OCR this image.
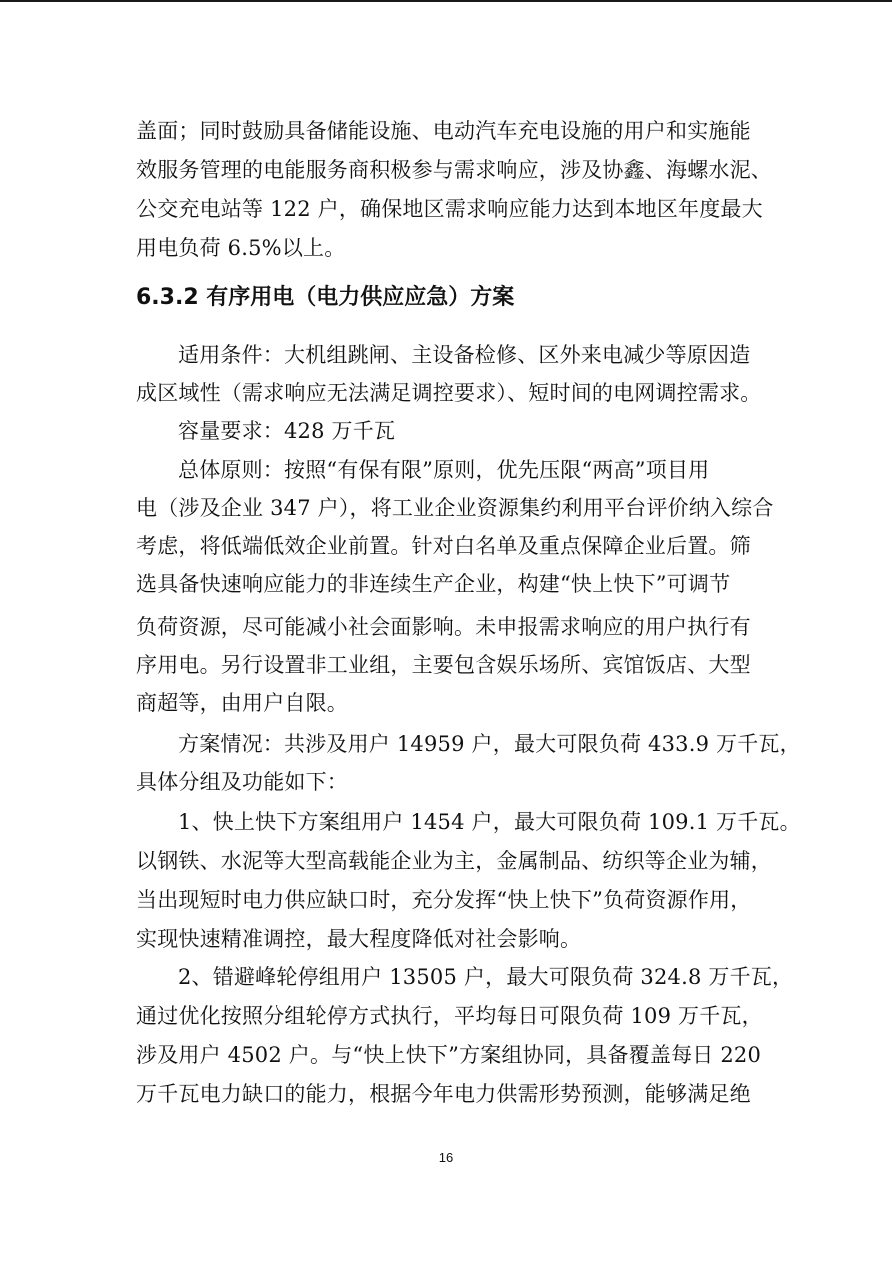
盖面；同时鼓励具备储能设施、电动汽车充电设施的用户和实施能
效服务管理的电能服务商积极参与需求响应，涉及协鑫、海螺水泥、
公交充电站等 122 户，确保地区需求响应能力达到本地区年度最大
用电负荷 6.5%以上。
6.3.2 有序用电（电力供应应急）方案
适用条件：大机组跳闸、主设备检修、区外来电减少等原因造
成区域性（需求响应无法满足调控要求）、短时间的电网调控需求。
容量要求：428 万千瓦
总体原则：按照“有保有限”原则，优先压限“两高”项目用
电（涉及企业 347 户），将工业企业资源集约利用平台评价纳入综合
考虑，将低端低效企业前置。针对白名单及重点保障企业后置。筛
选具备快速响应能力的非连续生产企业，构建“快上快下”可调节
负荷资源，尽可能减小社会面影响。未申报需求响应的用户执行有
序用电。另行设置非工业组，主要包含娱乐场所、宾馆饭店、大型
商超等，由用户自限。
方案情况：共涉及用户 14959 户，最大可限负荷 433.9 万千瓦，
具体分组及功能如下：
1、快上快下方案组用户 1454 户，最大可限负荷 109.1 万千瓦。
以钢铁、水泥等大型高载能企业为主，金属制品、纺织等企业为辅，
当出现短时电力供应缺口时，充分发挥“快上快下”负荷资源作用，
实现快速精准调控，最大程度降低对社会影响。
2、错避峰轮停组用户 13505 户，最大可限负荷 324.8 万千瓦，
通过优化按照分组轮停方式执行，平均每日可限负荷 109 万千瓦，
涉及用户 4502 户。与“快上快下”方案组协同，具备覆盖每日 220
万千瓦电力缺口的能力，根据今年电力供需形势预测，能够满足绝
16
